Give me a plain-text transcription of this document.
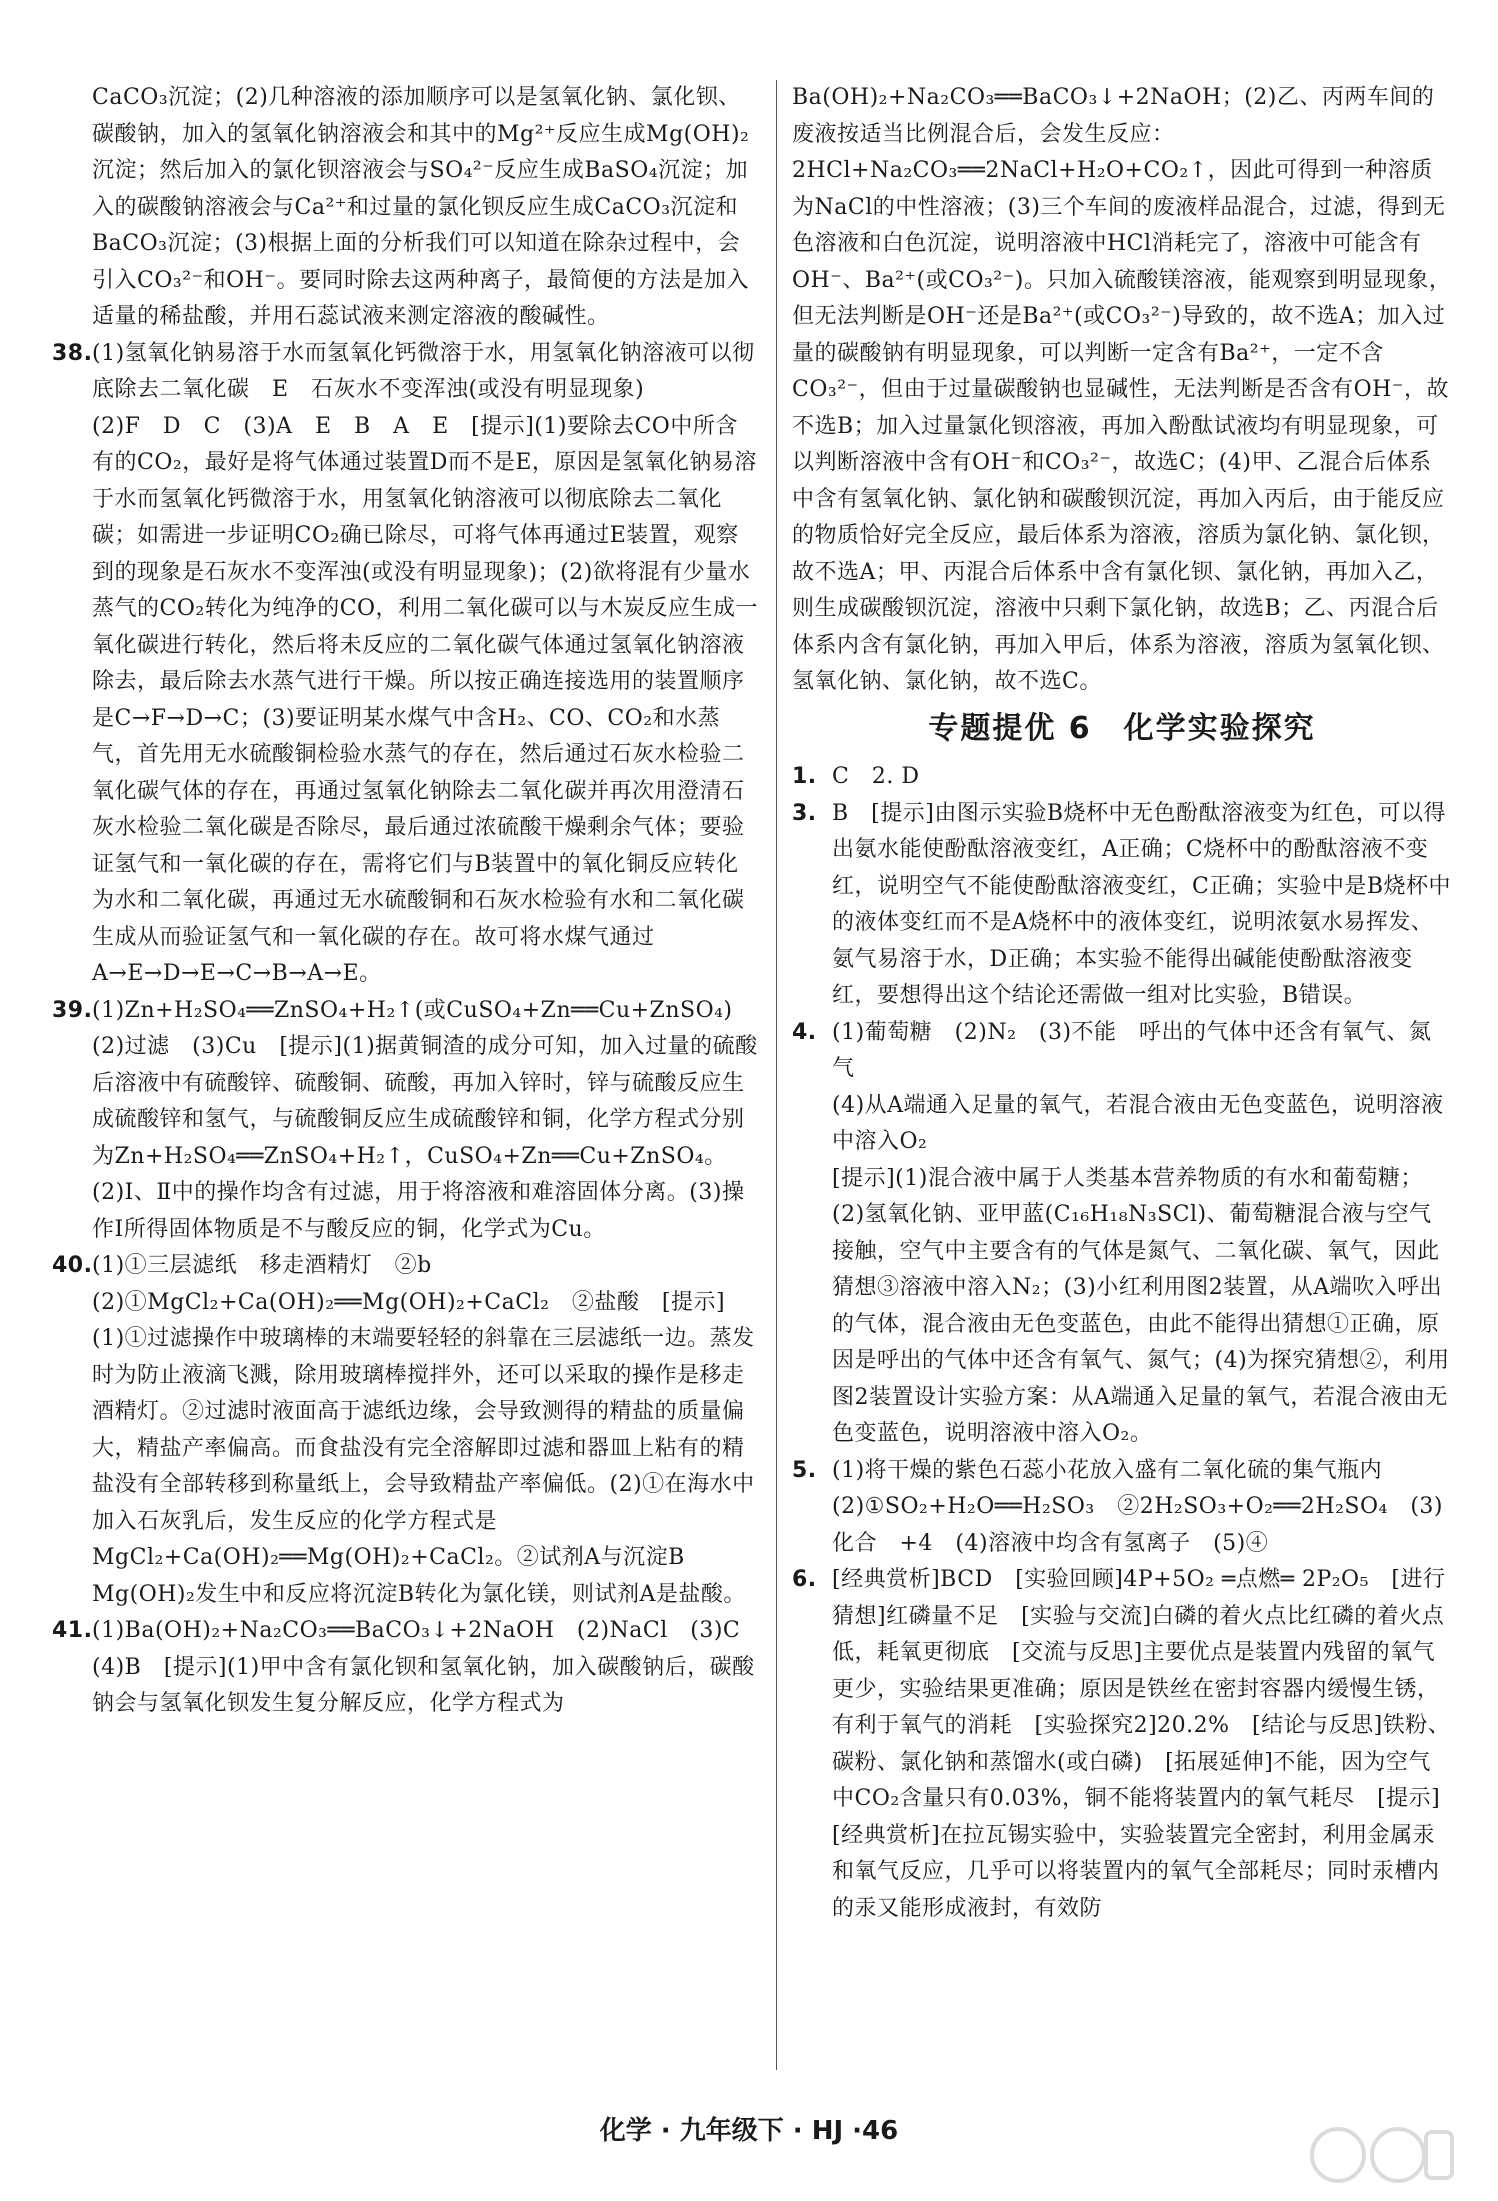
CaCO₃沉淀；(2)几种溶液的添加顺序可以是氢氧化钠、氯化钡、碳酸钠，加入的氢氧化钠溶液会和其中的Mg²⁺反应生成Mg(OH)₂沉淀；然后加入的氯化钡溶液会与SO₄²⁻反应生成BaSO₄沉淀；加入的碳酸钠溶液会与Ca²⁺和过量的氯化钡反应生成CaCO₃沉淀和BaCO₃沉淀；(3)根据上面的分析我们可以知道在除杂过程中，会引入CO₃²⁻和OH⁻。要同时除去这两种离子，最简便的方法是加入适量的稀盐酸，并用石蕊试液来测定溶液的酸碱性。
38. (1)氢氧化钠易溶于水而氢氧化钙微溶于水，用氢氧化钠溶液可以彻底除去二氧化碳　E　石灰水不变浑浊(或没有明显现象)
(2)F　D　C　(3)A　E　B　A　E　[提示](1)要除去CO中所含有的CO₂，最好是将气体通过装置D而不是E，原因是氢氧化钠易溶于水而氢氧化钙微溶于水，用氢氧化钠溶液可以彻底除去二氧化碳；如需进一步证明CO₂确已除尽，可将气体再通过E装置，观察到的现象是石灰水不变浑浊(或没有明显现象)；(2)欲将混有少量水蒸气的CO₂转化为纯净的CO，利用二氧化碳可以与木炭反应生成一氧化碳进行转化，然后将未反应的二氧化碳气体通过氢氧化钠溶液除去，最后除去水蒸气进行干燥。所以按正确连接选用的装置顺序是C→F→D→C；(3)要证明某水煤气中含H₂、CO、CO₂和水蒸气，首先用无水硫酸铜检验水蒸气的存在，然后通过石灰水检验二氧化碳气体的存在，再通过氢氧化钠除去二氧化碳并再次用澄清石灰水检验二氧化碳是否除尽，最后通过浓硫酸干燥剩余气体；要验证氢气和一氧化碳的存在，需将它们与B装置中的氧化铜反应转化为水和二氧化碳，再通过无水硫酸铜和石灰水检验有水和二氧化碳生成从而验证氢气和一氧化碳的存在。故可将水煤气通过A→E→D→E→C→B→A→E。
39. (1)Zn+H₂SO₄══ZnSO₄+H₂↑(或CuSO₄+Zn══Cu+ZnSO₄)　(2)过滤　(3)Cu　[提示](1)据黄铜渣的成分可知，加入过量的硫酸后溶液中有硫酸锌、硫酸铜、硫酸，再加入锌时，锌与硫酸反应生成硫酸锌和氢气，与硫酸铜反应生成硫酸锌和铜，化学方程式分别为Zn+H₂SO₄══ZnSO₄+H₂↑，CuSO₄+Zn══Cu+ZnSO₄。(2)Ⅰ、Ⅱ中的操作均含有过滤，用于将溶液和难溶固体分离。(3)操作Ⅰ所得固体物质是不与酸反应的铜，化学式为Cu。
40. (1)①三层滤纸　移走酒精灯　②b　(2)①MgCl₂+Ca(OH)₂══Mg(OH)₂+CaCl₂　②盐酸　[提示](1)①过滤操作中玻璃棒的末端要轻轻的斜靠在三层滤纸一边。蒸发时为防止液滴飞溅，除用玻璃棒搅拌外，还可以采取的操作是移走酒精灯。②过滤时液面高于滤纸边缘，会导致测得的精盐的质量偏大，精盐产率偏高。而食盐没有完全溶解即过滤和器皿上粘有的精盐没有全部转移到称量纸上，会导致精盐产率偏低。(2)①在海水中加入石灰乳后，发生反应的化学方程式是MgCl₂+Ca(OH)₂══Mg(OH)₂+CaCl₂。②试剂A与沉淀B Mg(OH)₂发生中和反应将沉淀B转化为氯化镁，则试剂A是盐酸。
41. (1)Ba(OH)₂+Na₂CO₃══BaCO₃↓+2NaOH　(2)NaCl　(3)C
(4)B　[提示](1)甲中含有氯化钡和氢氧化钠，加入碳酸钠后，碳酸钠会与氢氧化钡发生复分解反应，化学方程式为
Ba(OH)₂+Na₂CO₃══BaCO₃↓+2NaOH；(2)乙、丙两车间的废液按适当比例混合后，会发生反应：2HCl+Na₂CO₃══2NaCl+H₂O+CO₂↑，因此可得到一种溶质为NaCl的中性溶液；(3)三个车间的废液样品混合，过滤，得到无色溶液和白色沉淀，说明溶液中HCl消耗完了，溶液中可能含有OH⁻、Ba²⁺(或CO₃²⁻)。只加入硫酸镁溶液，能观察到明显现象，但无法判断是OH⁻还是Ba²⁺(或CO₃²⁻)导致的，故不选A；加入过量的碳酸钠有明显现象，可以判断一定含有Ba²⁺，一定不含CO₃²⁻，但由于过量碳酸钠也显碱性，无法判断是否含有OH⁻，故不选B；加入过量氯化钡溶液，再加入酚酞试液均有明显现象，可以判断溶液中含有OH⁻和CO₃²⁻，故选C；(4)甲、乙混合后体系中含有氢氧化钠、氯化钠和碳酸钡沉淀，再加入丙后，由于能反应的物质恰好完全反应，最后体系为溶液，溶质为氯化钠、氯化钡，故不选A；甲、丙混合后体系中含有氯化钡、氯化钠，再加入乙，则生成碳酸钡沉淀，溶液中只剩下氯化钠，故选B；乙、丙混合后体系内含有氯化钠，再加入甲后，体系为溶液，溶质为氢氧化钡、氢氧化钠、氯化钠，故不选C。
专题提优 6　化学实验探究
1. C　2. D
3. B　[提示]由图示实验B烧杯中无色酚酞溶液变为红色，可以得出氨水能使酚酞溶液变红，A正确；C烧杯中的酚酞溶液不变红，说明空气不能使酚酞溶液变红，C正确；实验中是B烧杯中的液体变红而不是A烧杯中的液体变红，说明浓氨水易挥发、氨气易溶于水，D正确；本实验不能得出碱能使酚酞溶液变红，要想得出这个结论还需做一组对比实验，B错误。
4. (1)葡萄糖　(2)N₂　(3)不能　呼出的气体中还含有氧气、氮气
(4)从A端通入足量的氧气，若混合液由无色变蓝色，说明溶液中溶入O₂
[提示](1)混合液中属于人类基本营养物质的有水和葡萄糖；(2)氢氧化钠、亚甲蓝(C₁₆H₁₈N₃SCl)、葡萄糖混合液与空气接触，空气中主要含有的气体是氮气、二氧化碳、氧气，因此猜想③溶液中溶入N₂；(3)小红利用图2装置，从A端吹入呼出的气体，混合液由无色变蓝色，由此不能得出猜想①正确，原因是呼出的气体中还含有氧气、氮气；(4)为探究猜想②，利用图2装置设计实验方案：从A端通入足量的氧气，若混合液由无色变蓝色，说明溶液中溶入O₂。
5. (1)将干燥的紫色石蕊小花放入盛有二氧化硫的集气瓶内
(2)①SO₂+H₂O══H₂SO₃　②2H₂SO₃+O₂══2H₂SO₄　(3)化合　+4　(4)溶液中均含有氢离子　(5)④
6. [经典赏析]BCD　[实验回顾]4P+5O₂ ═点燃═ 2P₂O₅　[进行猜想]红磷量不足　[实验与交流]白磷的着火点比红磷的着火点低，耗氧更彻底　[交流与反思]主要优点是装置内残留的氧气更少，实验结果更准确；原因是铁丝在密封容器内缓慢生锈，有利于氧气的消耗　[实验探究2]20.2%　[结论与反思]铁粉、碳粉、氯化钠和蒸馏水(或白磷)　[拓展延伸]不能，因为空气中CO₂含量只有0.03%，铜不能将装置内的氧气耗尽　[提示][经典赏析]在拉瓦锡实验中，实验装置完全密封，利用金属汞和氧气反应，几乎可以将装置内的氧气全部耗尽；同时汞槽内的汞又能形成液封，有效防
化学 · 九年级下 · HJ ·46
